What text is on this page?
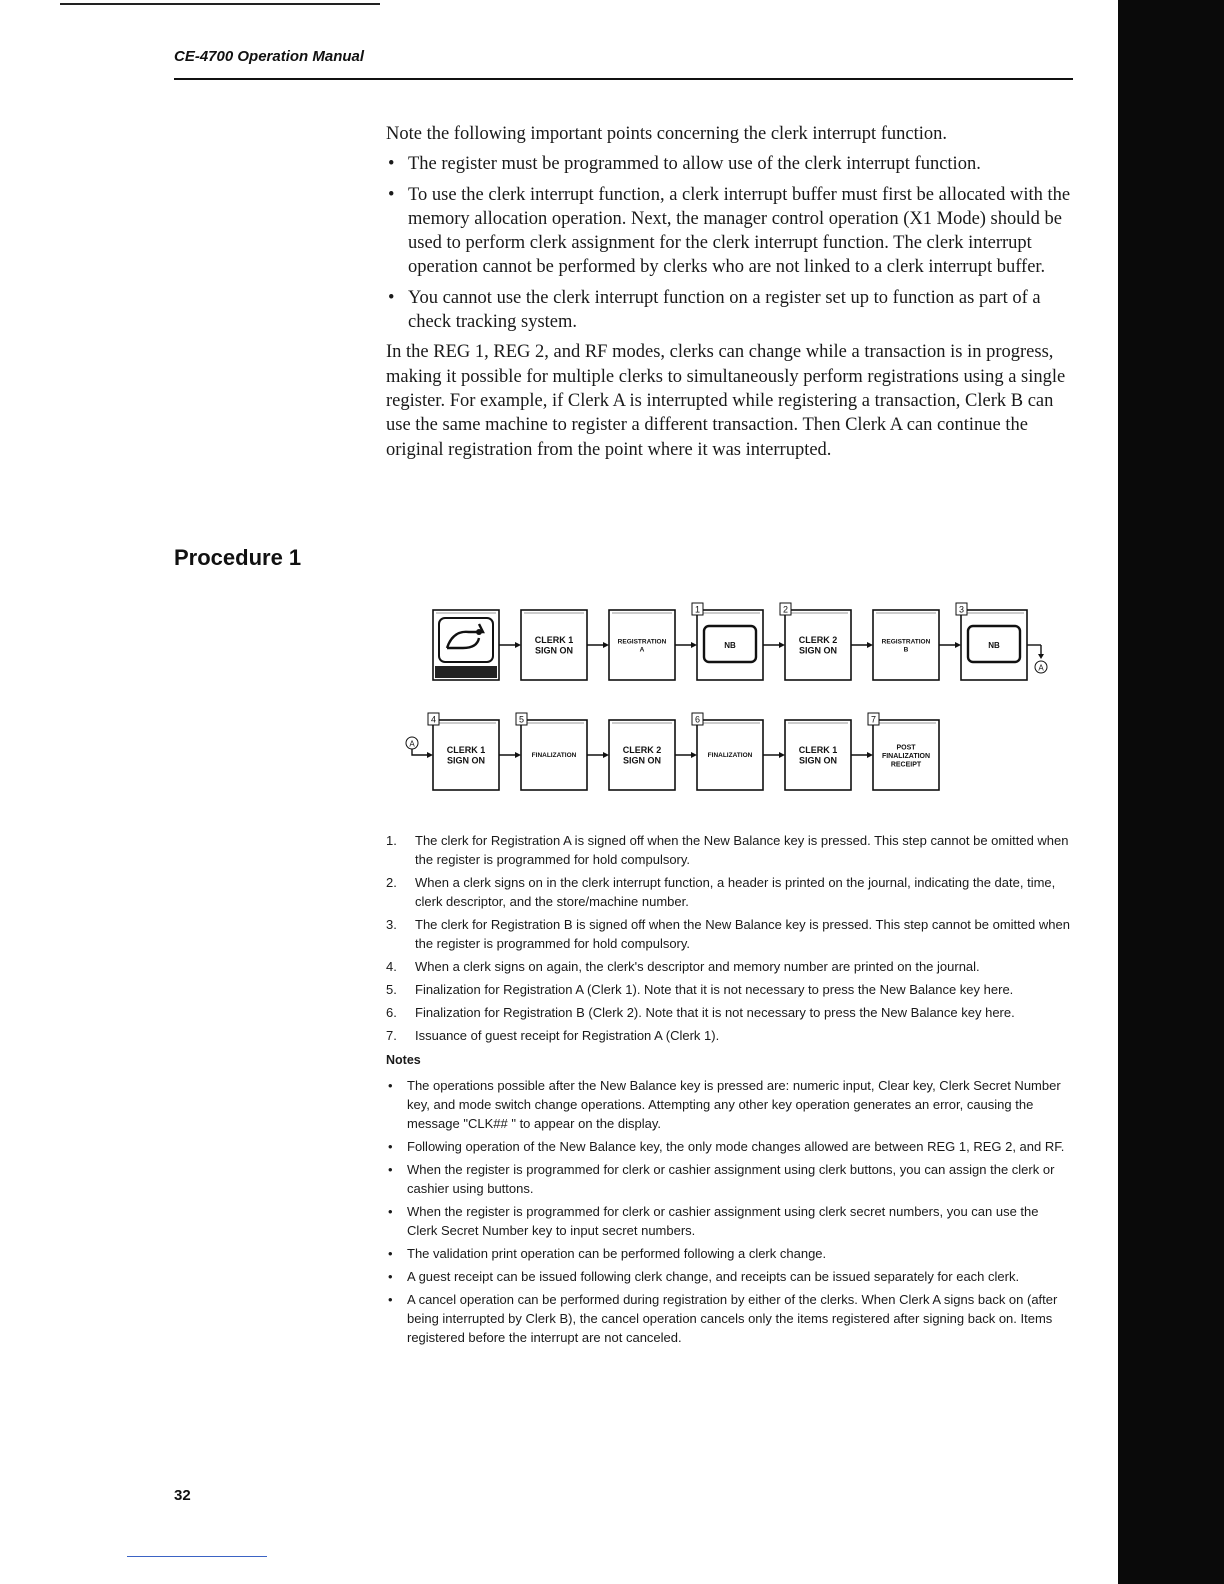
CE-4700 Operation Manual

Note the following important points concerning the clerk interrupt function.

• The register must be programmed to allow use of the clerk interrupt function.
• To use the clerk interrupt function, a clerk interrupt buffer must first be allocated with the memory allocation operation. Next, the manager control operation (X1 Mode) should be used to perform clerk assignment for the clerk interrupt function. The clerk interrupt operation cannot be performed by clerks who are not linked to a clerk interrupt buffer.
• You cannot use the clerk interrupt function on a register set up to function as part of a check tracking system.

In the REG 1, REG 2, and RF modes, clerks can change while a transaction is in progress, making it possible for multiple clerks to simultaneously perform registrations using a single register. For example, if Clerk A is interrupted while registering a transaction, Clerk B can use the same machine to register a different transaction. Then Clerk A can continue the original registration from the point where it was interrupted.

Procedure 1
CLERK 1
SIGN ON
REGISTRATION
A	NB
1
CLERK 2
SIGN ON
2
REGISTRATION
B	NB
3
CLERK 1
SIGN ON
4
FINALIZATION
5
CLERK 2
SIGN ON	FINALIZATION
6
CLERK 1
SIGN ON
POST
FINALIZATION
RECEIPT
7
A
A
1. The clerk for Registration A is signed off when the New Balance key is pressed. This step cannot be omitted when the register is programmed for hold compulsory.
2. When a clerk signs on in the clerk interrupt function, a header is printed on the journal, indicating the date, time, clerk descriptor, and the store/machine number.
3. The clerk for Registration B is signed off when the New Balance key is pressed. This step cannot be omitted when the register is programmed for hold compulsory.
4. When a clerk signs on again, the clerk's descriptor and memory number are printed on the journal.
5. Finalization for Registration A (Clerk 1). Note that it is not necessary to press the New Balance key here.
6. Finalization for Registration B (Clerk 2). Note that it is not necessary to press the New Balance key here.
7. Issuance of guest receipt for Registration A (Clerk 1).
Notes
• The operations possible after the New Balance key is pressed are: numeric input, Clear key, Clerk Secret Number key, and mode switch change operations. Attempting any other key operation generates an error, causing the message "CLK## " to appear on the display.
• Following operation of the New Balance key, the only mode changes allowed are between REG 1, REG 2, and RF.
• When the register is programmed for clerk or cashier assignment using clerk buttons, you can assign the clerk or cashier using buttons.
• When the register is programmed for clerk or cashier assignment using clerk secret numbers, you can use the Clerk Secret Number key to input secret numbers.
• The validation print operation can be performed following a clerk change.
• A guest receipt can be issued following clerk change, and receipts can be issued separately for each clerk.
• A cancel operation can be performed during registration by either of the clerks. When Clerk A signs back on (after being interrupted by Clerk B), the cancel operation cancels only the items registered after signing back on. Items registered before the interrupt are not canceled.
32
